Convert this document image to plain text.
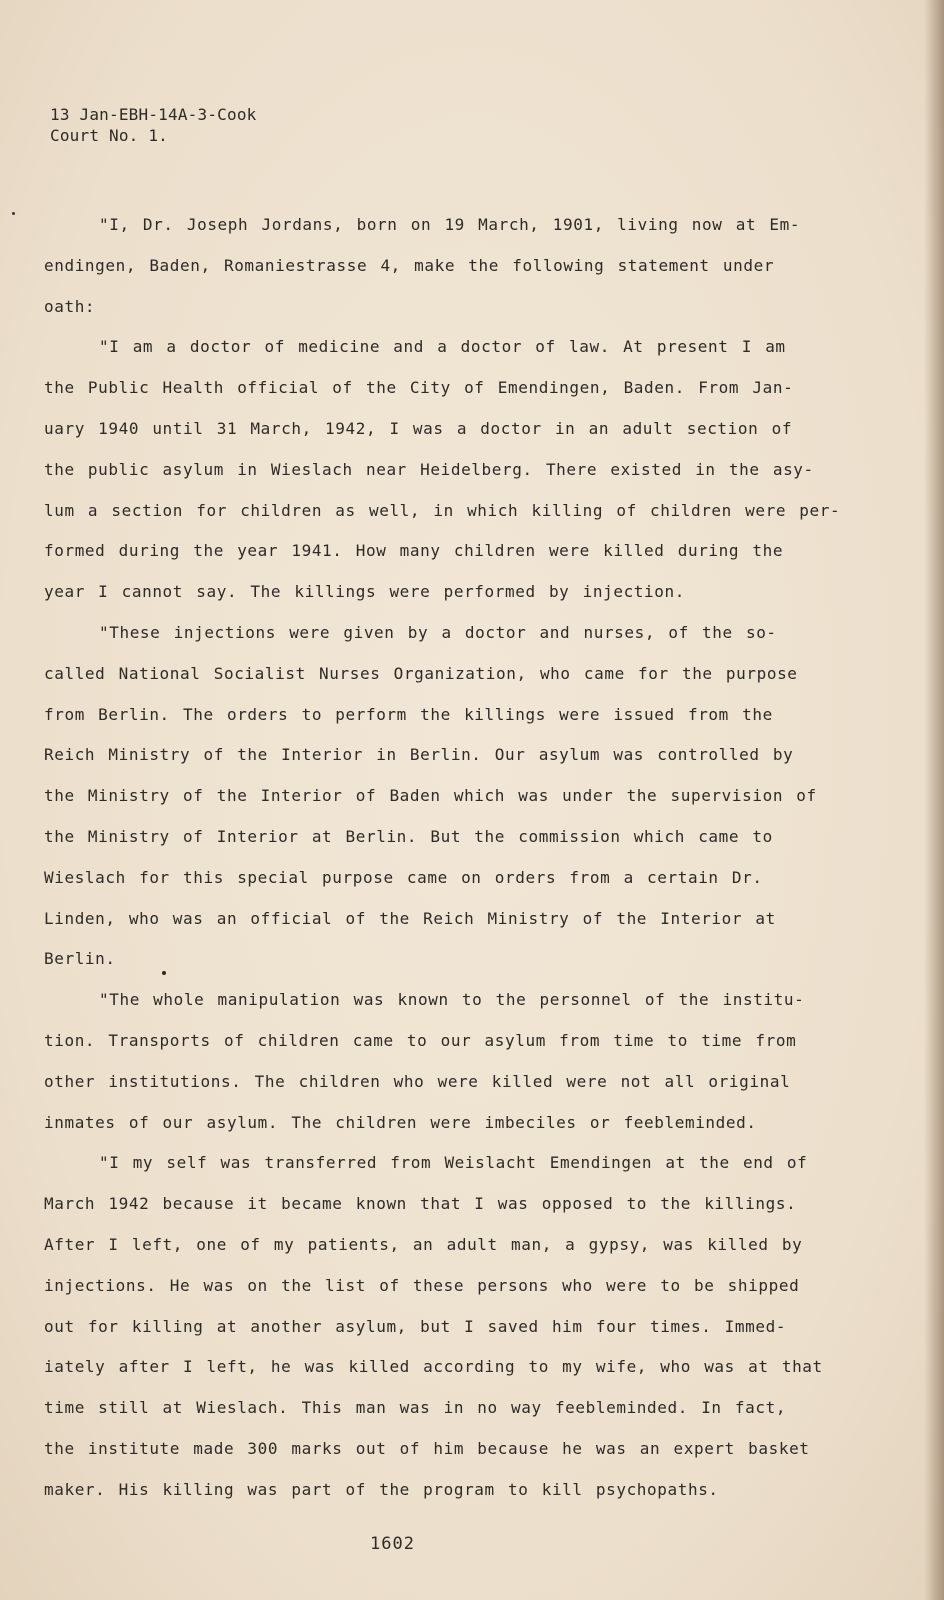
13 Jan-EBH-14A-3-Cook
Court No. 1.
"I, Dr. Joseph Jordans, born on 19 March, 1901, living now at Em-
endingen, Baden, Romaniestrasse 4, make the following statement under
oath:
"I am a doctor of medicine and a doctor of law. At present I am
the Public Health official of the City of Emendingen, Baden. From Jan-
uary 1940 until 31 March, 1942, I was a doctor in an adult section of
the public asylum in Wieslach near Heidelberg. There existed in the asy-
lum a section for children as well, in which killing of children were per-
formed during the year 1941. How many children were killed during the
year I cannot say. The killings were performed by injection.
"These injections were given by a doctor and nurses, of the so-
called National Socialist Nurses Organization, who came for the purpose
from Berlin. The orders to perform the killings were issued from the
Reich Ministry of the Interior in Berlin. Our asylum was controlled by
the Ministry of the Interior of Baden which was under the supervision of
the Ministry of Interior at Berlin. But the commission which came to
Wieslach for this special purpose came on orders from a certain Dr.
Linden, who was an official of the Reich Ministry of the Interior at
Berlin.
"The whole manipulation was known to the personnel of the institu-
tion. Transports of children came to our asylum from time to time from
other institutions. The children who were killed were not all original
inmates of our asylum. The children were imbeciles or feebleminded.
"I my self was transferred from Weislacht Emendingen at the end of
March 1942 because it became known that I was opposed to the killings.
After I left, one of my patients, an adult man, a gypsy, was killed by
injections. He was on the list of these persons who were to be shipped
out for killing at another asylum, but I saved him four times. Immed-
iately after I left, he was killed according to my wife, who was at that
time still at Wieslach. This man was in no way feebleminded. In fact,
the institute made 300 marks out of him because he was an expert basket
maker. His killing was part of the program to kill psychopaths.
1602
